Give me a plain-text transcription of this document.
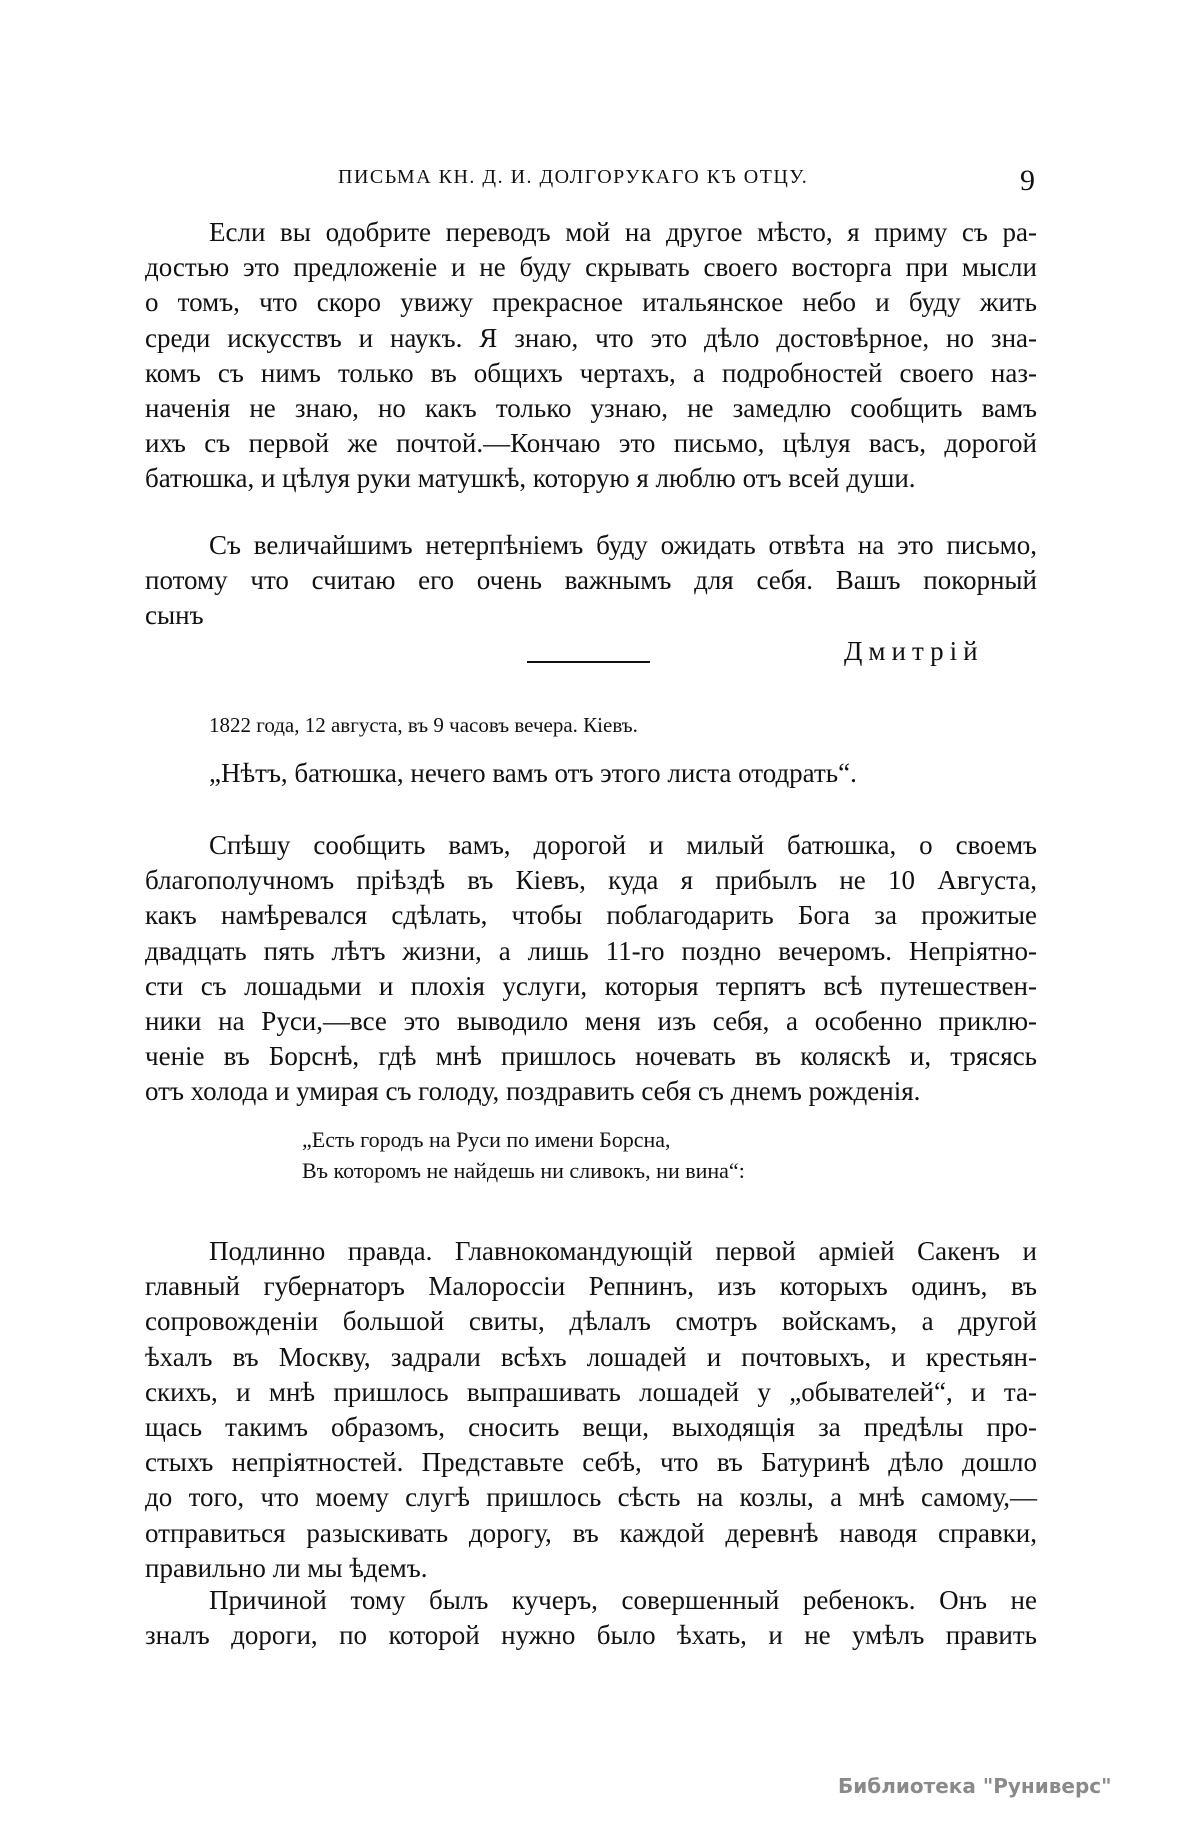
ПИСЬМА КН. Д. И. ДОЛГОРУКАГО КЪ ОТЦУ.	9
Если вы одобрите переводъ мой на другое мѣсто, я приму съ ра-
достью это предложеніе и не буду скрывать своего восторга при мысли
о томъ, что скоро увижу прекрасное итальянское небо и буду жить
среди искусствъ и наукъ. Я знаю, что это дѣло достовѣрное, но зна-
комъ съ нимъ только въ общихъ чертахъ, а подробностей своего наз-
наченія не знаю, но какъ только узнаю, не замедлю сообщить вамъ
ихъ съ первой же почтой.—Кончаю это письмо, цѣлуя васъ, дорогой
батюшка, и цѣлуя руки матушкѣ, которую я люблю отъ всей души.
Съ величайшимъ нетерпѣніемъ буду ожидать отвѣта на это письмо,
потому что считаю его очень важнымъ для себя. Вашъ покорный
сынъ
Дмитрій
1822 года, 12 августа, въ 9 часовъ вечера. Кіевъ.
„Нѣтъ, батюшка, нечего вамъ отъ этого листа отодрать“.
Спѣшу сообщить вамъ, дорогой и милый батюшка, о своемъ
благополучномъ пріѣздѣ въ Кіевъ, куда я прибылъ не 10 Августа,
какъ намѣревался сдѣлать, чтобы поблагодарить Бога за прожитые
двадцать пять лѣтъ жизни, а лишь 11-го поздно вечеромъ. Непріятно-
сти съ лошадьми и плохія услуги, которыя терпятъ всѣ путешествен-
ники на Руси,—все это выводило меня изъ себя, а особенно приклю-
ченіе въ Борснѣ, гдѣ мнѣ пришлось ночевать въ коляскѣ и, трясясь
отъ холода и умирая съ голоду, поздравить себя съ днемъ рожденія.
„Есть городъ на Руси по имени Борсна,
Въ которомъ не найдешь ни сливокъ, ни вина“:
Подлинно правда. Главнокомандующій первой арміей Сакенъ и
главный губернаторъ Малороссіи Репнинъ, изъ которыхъ одинъ, въ
сопровожденіи большой свиты, дѣлалъ смотръ войскамъ, а другой
ѣхалъ въ Москву, задрали всѣхъ лошадей и почтовыхъ, и крестьян-
скихъ, и мнѣ пришлось выпрашивать лошадей у „обывателей“, и та-
щась такимъ образомъ, сносить вещи, выходящія за предѣлы про-
стыхъ непріятностей. Представьте себѣ, что въ Батуринѣ дѣло дошло
до того, что моему слугѣ пришлось сѣсть на козлы, а мнѣ самому,—
отправиться разыскивать дорогу, въ каждой деревнѣ наводя справки,
правильно ли мы ѣдемъ.
Причиной тому былъ кучеръ, совершенный ребенокъ. Онъ не
зналъ дороги, по которой нужно было ѣхать, и не умѣлъ править
Библиотека "Руниверс"
